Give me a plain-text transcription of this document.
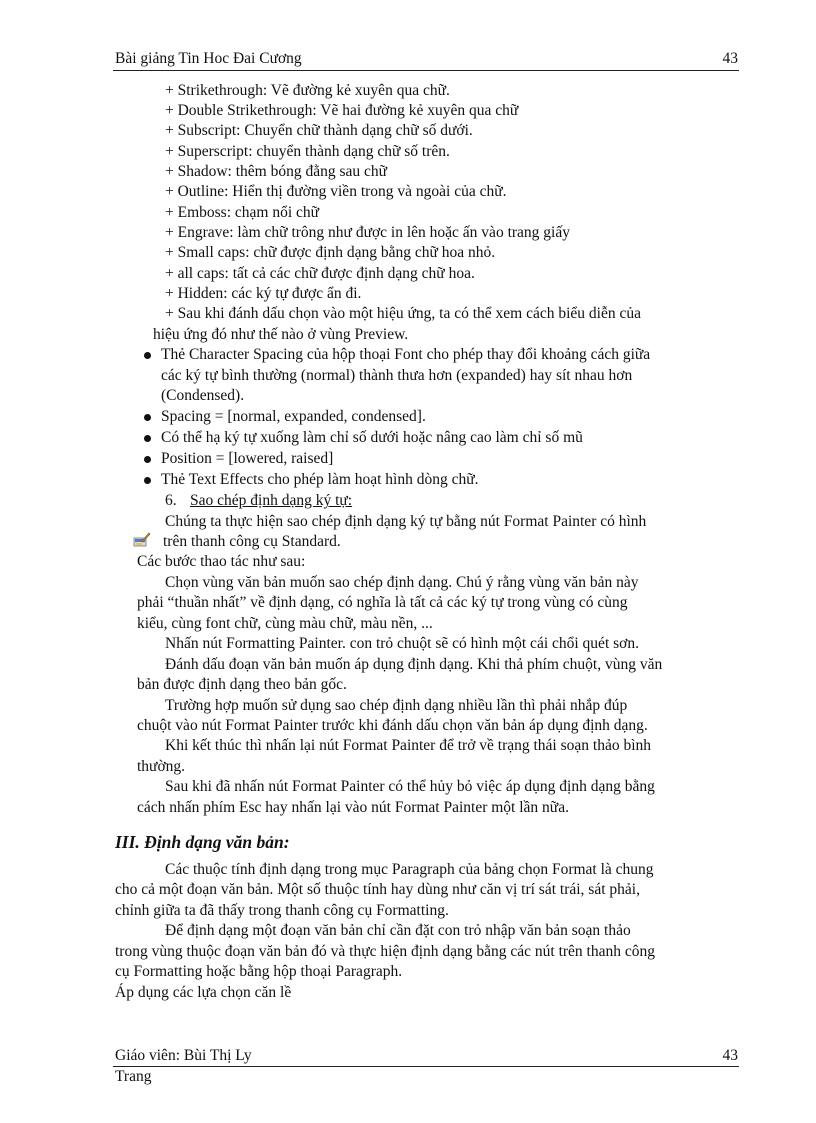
Bài giảng Tin Hoc Đai Cương	43
+ Strikethrough: Vẽ đường kẻ xuyên qua chữ.
+ Double Strikethrough: Vẽ hai đường kẻ xuyên qua chữ
+ Subscript: Chuyển chữ thành dạng chữ số dưới.
+ Superscript: chuyển thành dạng chữ số trên.
+ Shadow: thêm bóng đằng sau chữ
+ Outline: Hiển thị đường viền trong và ngoài của chữ.
+ Emboss: chạm nổi chữ
+ Engrave: làm chữ trông như được in lên hoặc ấn vào trang giấy
+ Small caps: chữ được định dạng bằng chữ hoa nhỏ.
+ all caps: tất cả các chữ được định dạng chữ hoa.
+ Hidden: các ký tự được ẩn đi.
+ Sau khi đánh dấu chọn vào một hiệu ứng, ta có thể xem cách biểu diễn của
hiệu ứng đó như thế nào ở vùng Preview.
Thẻ Character Spacing của hộp thoại Font cho phép thay đổi khoảng cách giữa
các ký tự bình thường (normal) thành thưa hơn (expanded) hay sít nhau hơn
(Condensed).
Spacing = [normal, expanded, condensed].
Có thể hạ ký tự xuống làm chỉ số dưới hoặc nâng cao làm chỉ số mũ
Position = [lowered, raised]
Thẻ Text Effects cho phép làm hoạt hình dòng chữ.
6. Sao chép định dạng ký tự:
Chúng ta thực hiện sao chép định dạng ký tự bằng nút Format Painter có hình
trên thanh công cụ Standard.
Các bước thao tác như sau:
Chọn vùng văn bản muốn sao chép định dạng. Chú ý rằng vùng văn bản này
phải “thuần nhất” về định dạng, có nghĩa là tất cả các ký tự trong vùng có cùng
kiểu, cùng font chữ, cùng màu chữ, màu nền, ...
Nhấn nút Formatting Painter. con trỏ chuột sẽ có hình một cái chổi quét sơn.
Đánh dấu đoạn văn bản muốn áp dụng định dạng. Khi thả phím chuột, vùng văn
bản được định dạng theo bản gốc.
Trường hợp muốn sử dụng sao chép định dạng nhiều lần thì phải nhắp đúp
chuột vào nút Format Painter trước khi đánh dấu chọn văn bản áp dụng định dạng.
Khi kết thúc thì nhấn lại nút Format Painter để trở về trạng thái soạn thảo bình
thường.
Sau khi đã nhấn nút Format Painter có thể hủy bỏ việc áp dụng định dạng bằng
cách nhấn phím Esc hay nhấn lại vào nút Format Painter một lần nữa.
III. Định dạng văn bản:
Các thuộc tính định dạng trong mục Paragraph của bảng chọn Format là chung
cho cả một đoạn văn bản. Một số thuộc tính hay dùng như căn vị trí sát trái, sát phải,
chỉnh giữa ta đã thấy trong thanh công cụ Formatting.
Để định dạng một đoạn văn bản chỉ cần đặt con trỏ nhập văn bản soạn thảo
trong vùng thuộc đoạn văn bản đó và thực hiện định dạng bằng các nút trên thanh công
cụ Formatting hoặc bằng hộp thoại Paragraph.
Áp dụng các lựa chọn căn lề
Giáo viên: Bùi Thị Ly	43
Trang
